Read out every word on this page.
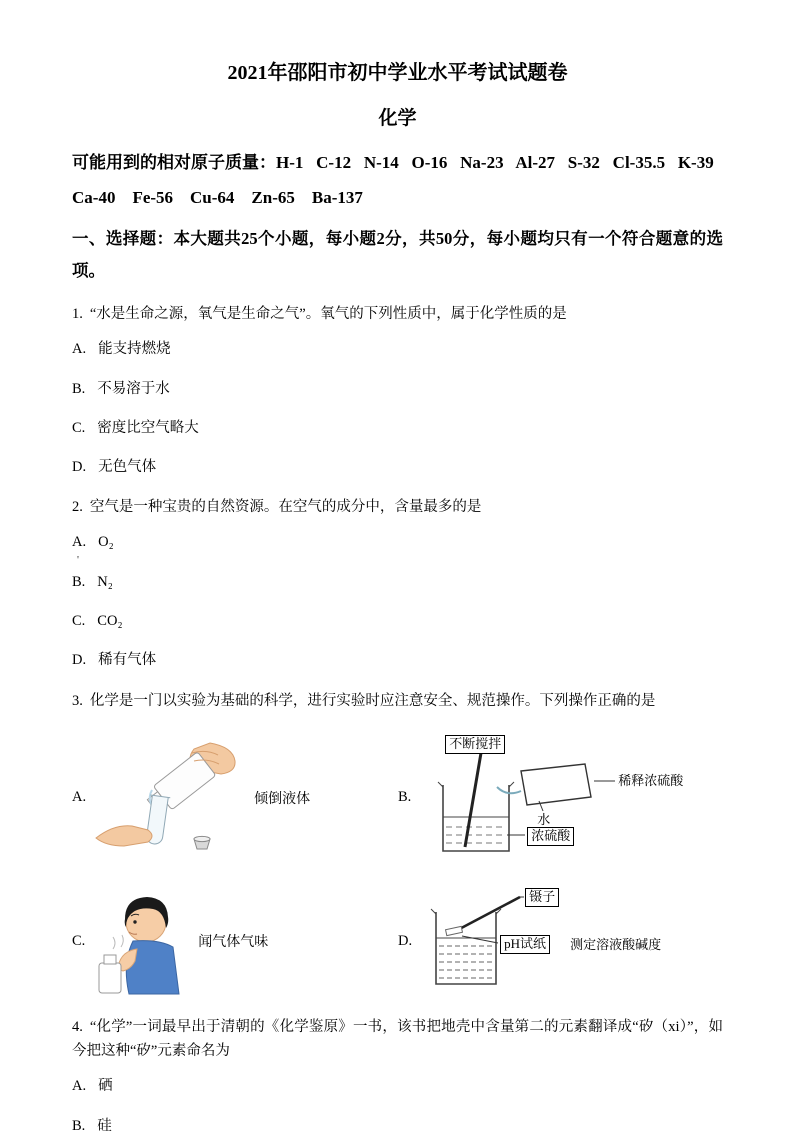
2021年邵阳市初中学业水平考试试题卷
化学

可能用到的相对原子质量：H-1   C-12   N-14   O-16   Na-23   Al-27   S-32   Cl-35.5   K-39

Ca-40    Fe-56    Cu-64    Zn-65    Ba-137

一、选择题：本大题共25个小题，每小题2分，共50分，每小题均只有一个符合题意的选项。

1. “水是生命之源，氧气是生命之气”。氧气的下列性质中，属于化学性质的是

A. 能支持燃烧

B. 不易溶于水

C. 密度比空气略大

D. 无色气体

2. 空气是一种宝贵的自然资源。在空气的成分中，含量最多的是

A. O₂
'

B. N₂

C. CO₂

D. 稀有气体

3. 化学是一门以实验为基础的科学，进行实验时应注意安全、规范操作。下列操作正确的是

A.	倾倒液体	B.
不断搅拌
稀释浓硫酸
水
浓硫酸
C.	闻气体气味	D.
镊子
pH试纸	测定溶液酸碱度

4. “化学”一词最早出于清朝的《化学鉴原》一书，该书把地壳中含量第二的元素翻译成“矽（xi）”，如今把这种“矽”元素命名为

A. 硒

B. 硅
